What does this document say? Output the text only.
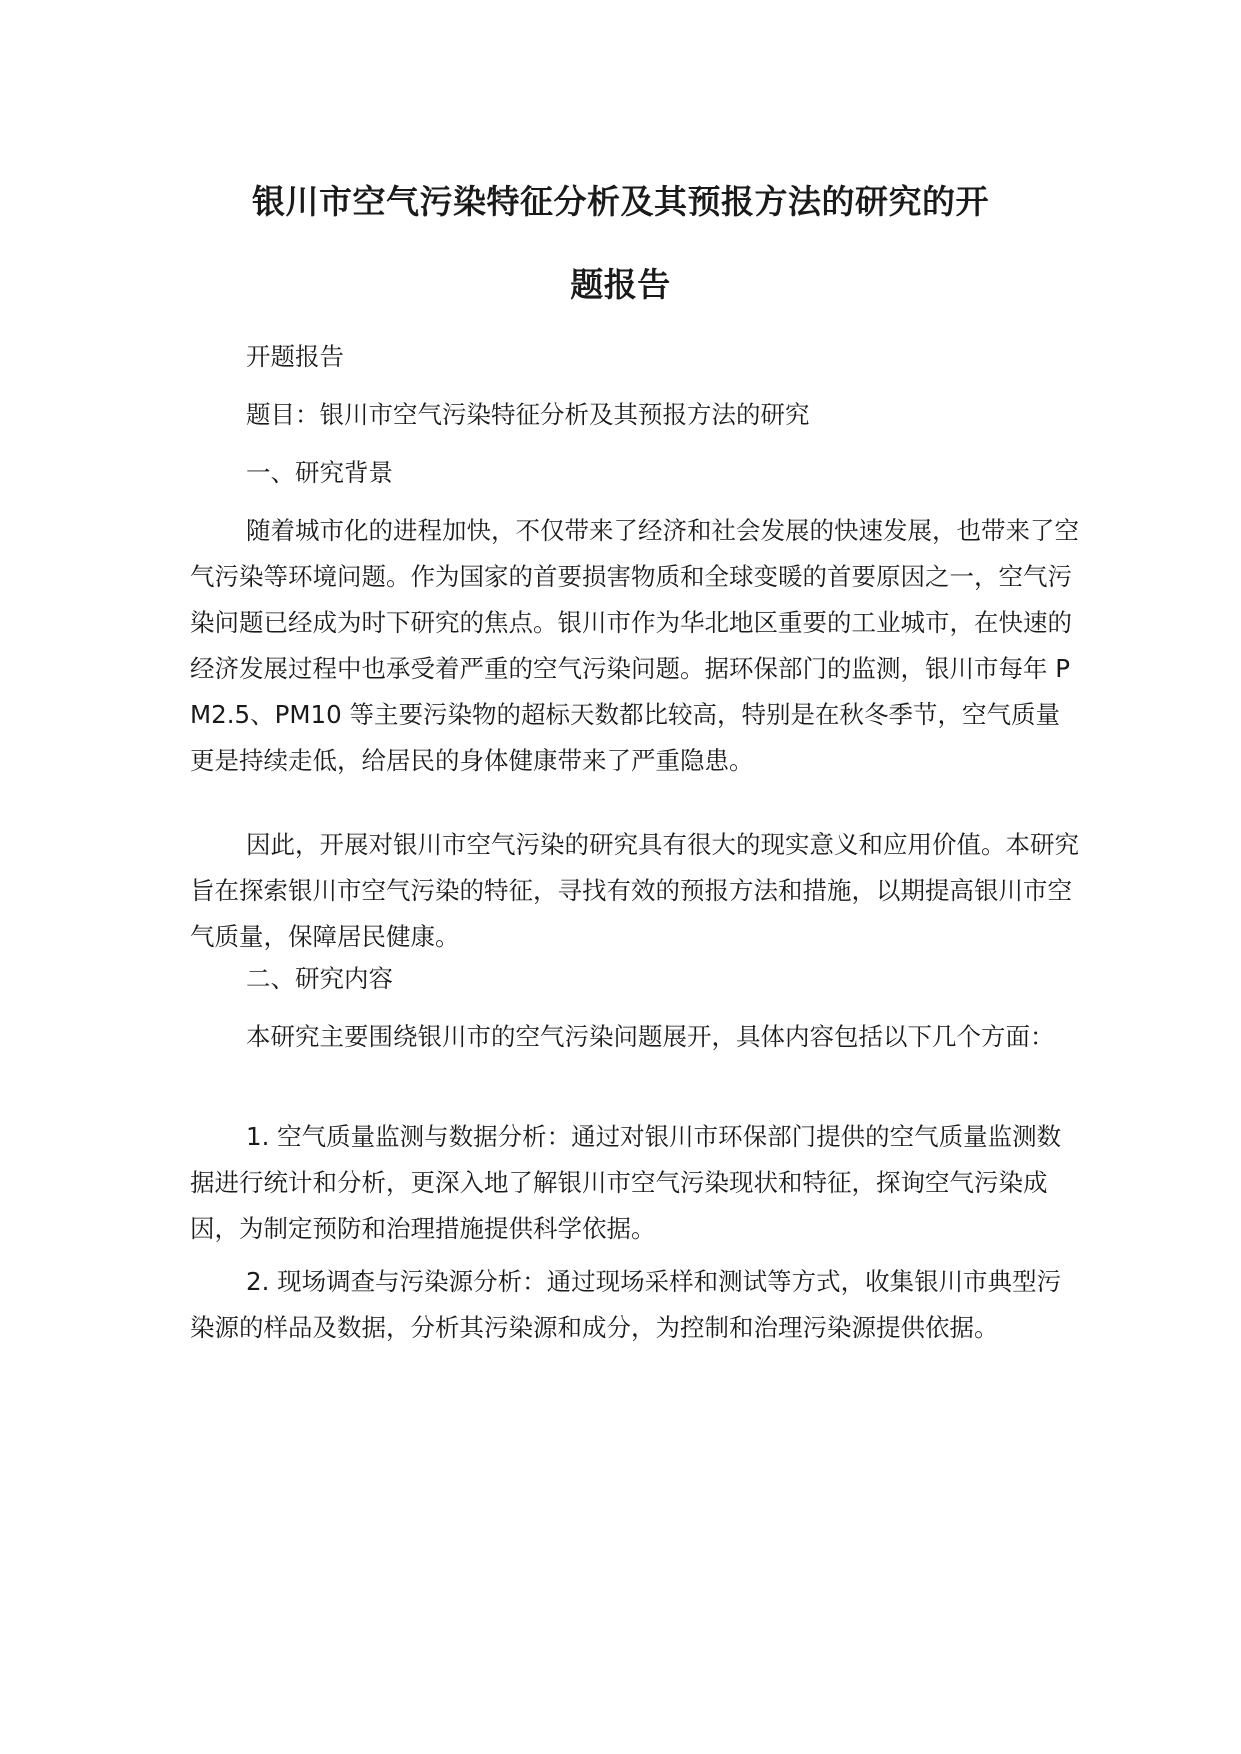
银川市空气污染特征分析及其预报方法的研究的开
题报告

开题报告

题目：银川市空气污染特征分析及其预报方法的研究

一、研究背景

随着城市化的进程加快，不仅带来了经济和社会发展的快速发展，也带来了空气污染等环境问题。作为国家的首要损害物质和全球变暖的首要原因之一，空气污染问题已经成为时下研究的焦点。银川市作为华北地区重要的工业城市，在快速的经济发展过程中也承受着严重的空气污染问题。据环保部门的监测，银川市每年 PM2.5、PM10 等主要污染物的超标天数都比较高，特别是在秋冬季节，空气质量更是持续走低，给居民的身体健康带来了严重隐患。

因此，开展对银川市空气污染的研究具有很大的现实意义和应用价值。本研究旨在探索银川市空气污染的特征，寻找有效的预报方法和措施，以期提高银川市空气质量，保障居民健康。

二、研究内容

本研究主要围绕银川市的空气污染问题展开，具体内容包括以下几个方面：

1. 空气质量监测与数据分析：通过对银川市环保部门提供的空气质量监测数据进行统计和分析，更深入地了解银川市空气污染现状和特征，探询空气污染成因，为制定预防和治理措施提供科学依据。

2. 现场调查与污染源分析：通过现场采样和测试等方式，收集银川市典型污染源的样品及数据，分析其污染源和成分，为控制和治理污染源提供依据。
